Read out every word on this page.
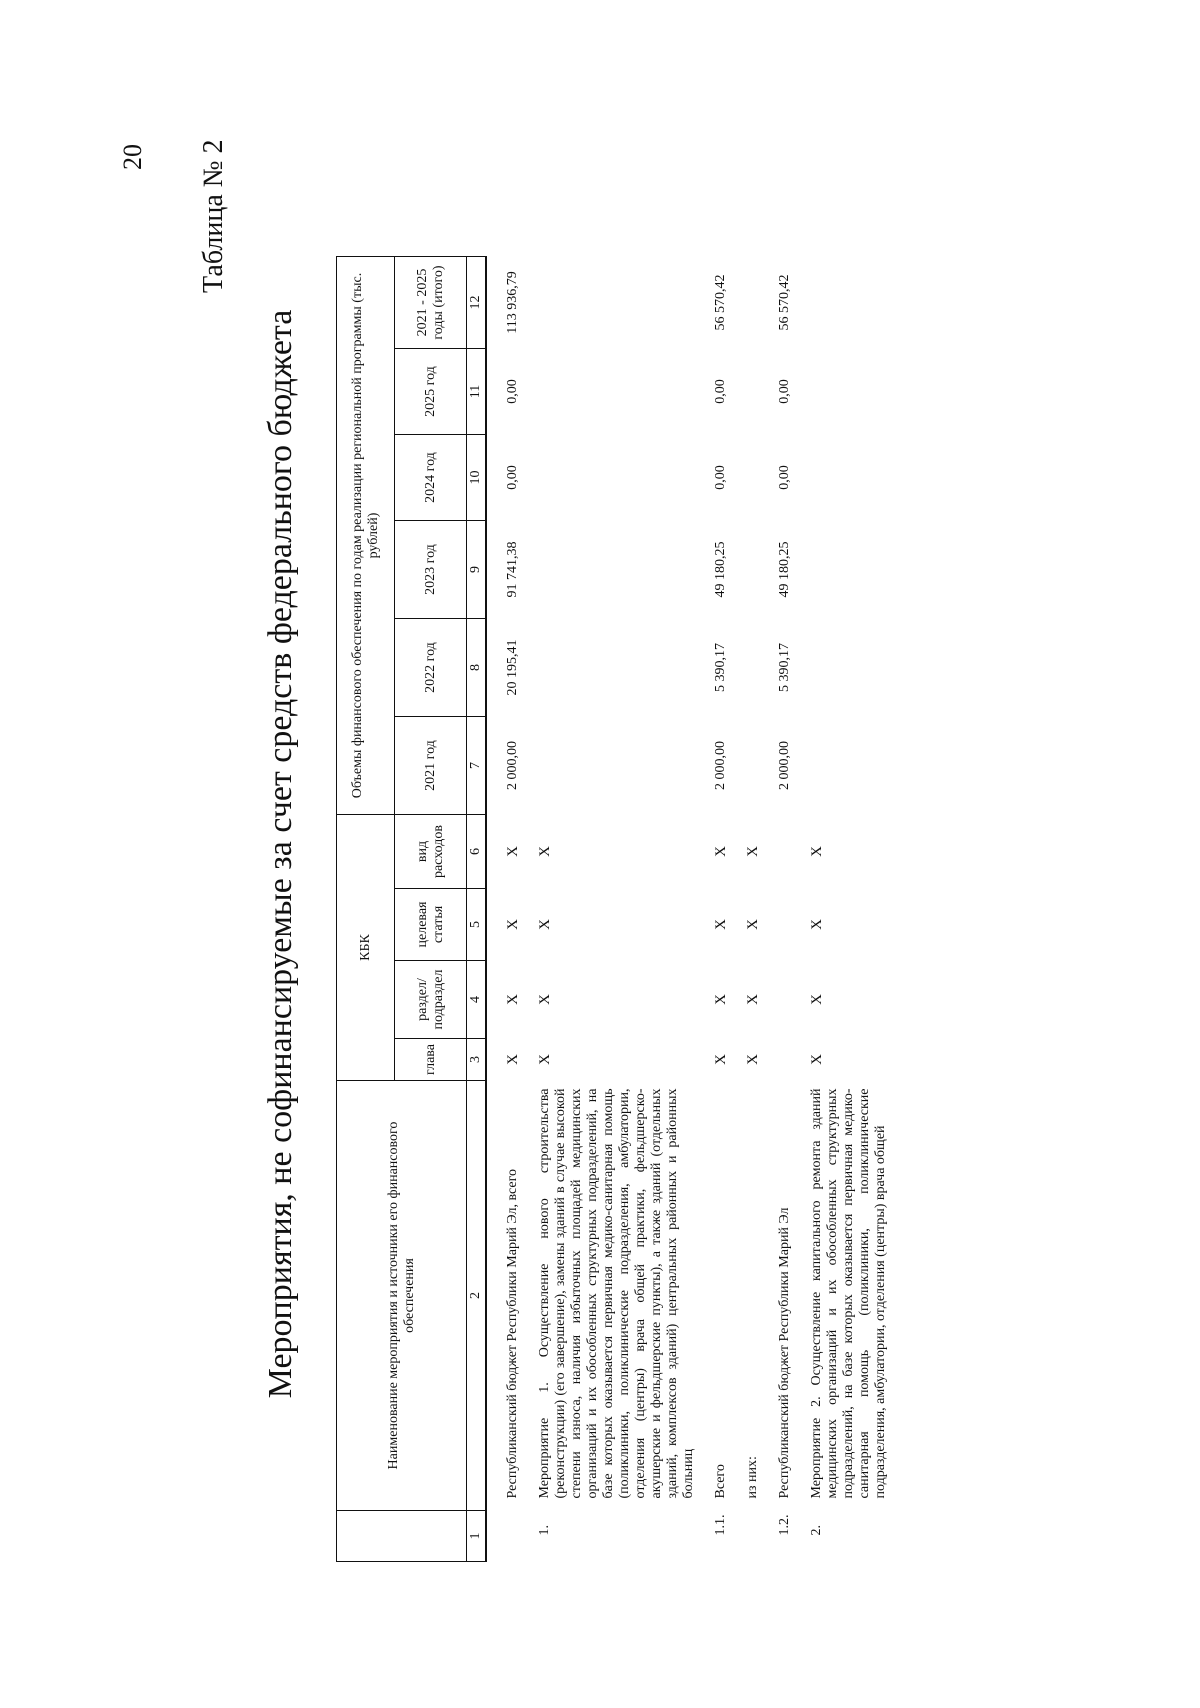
20 Таблица № 2
Мероприятия, не софинансируемые за счет средств федерального бюджета
		Наименование мероприятия и источники его финансового обеспечения	КБК				Объемы финансового обеспечения по годам реализации региональной программы (тыс. рублей)					
		глава	раздел/ подраздел	целевая статья	вид расходов	2021 год	2022 год	2023 год	2024 год	2025 год	2021 - 2025 годы (итого)
1	2	3	4	5	6	7	8	9	10	11	12

	Республиканский бюджет Республики Марий Эл, всего	Х	Х	Х	Х	2 000,00	20 195,41	91 741,38	0,00	0,00	113 936,79
1.	Мероприятие 1. Осуществление нового строительства (реконструкции) (его завершение), замены зданий в случае высокой степени износа, наличия избыточных площадей медицинских организаций и их обособленных структурных подразделений, на базе которых оказывается первичная медико-санитарная помощь (поликлиники, поликлинические подразделения, амбулатории, отделения (центры) врача общей практики, фельдшерско-акушерские и фельдшерские пункты), а также зданий (отдельных зданий, комплексов зданий) центральных районных и районных больниц	Х	Х	Х	Х						
1.1.	Всего	Х	Х	Х	Х	2 000,00	5 390,17	49 180,25	0,00	0,00	56 570,42
	из них:	Х	Х	Х	Х						
1.2.	Республиканский бюджет Республики Марий Эл					2 000,00	5 390,17	49 180,25	0,00	0,00	56 570,42
2.	Мероприятие 2. Осуществление капитального ремонта зданий медицинских организаций и их обособленных структурных подразделений, на базе которых оказывается первичная медико-санитарная помощь (поликлиники, поликлинические подразделения, амбулатории, отделения (центры) врача общей	Х	Х	Х	Х						
